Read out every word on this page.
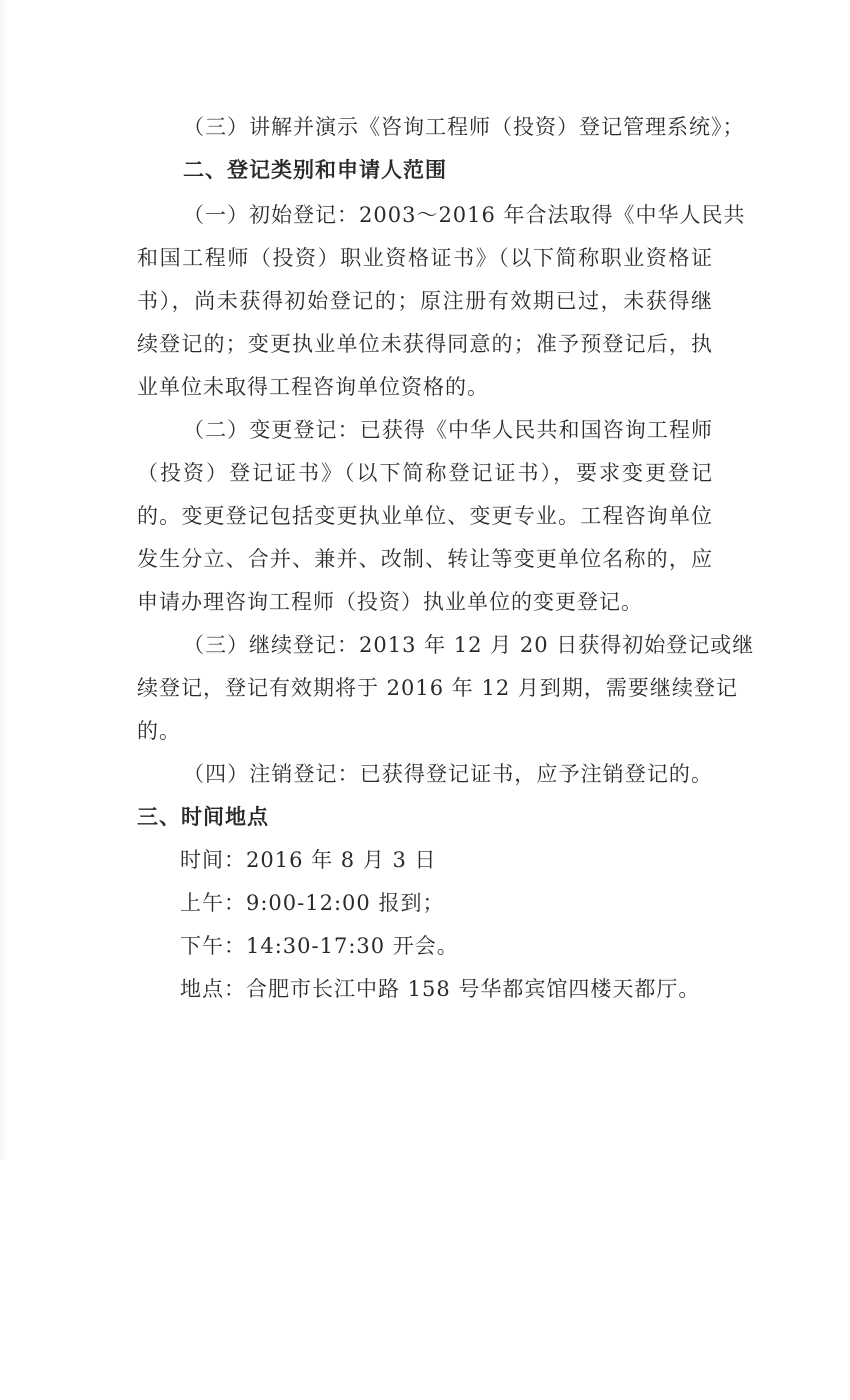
（三）讲解并演示《咨询工程师（投资）登记管理系统》；
二、登记类别和申请人范围
（一）初始登记：2003～2016 年合法取得《中华人民共
和国工程师（投资）职业资格证书》（以下简称职业资格证
书），尚未获得初始登记的；原注册有效期已过，未获得继
续登记的；变更执业单位未获得同意的；准予预登记后，执
业单位未取得工程咨询单位资格的。
（二）变更登记：已获得《中华人民共和国咨询工程师
（投资）登记证书》（以下简称登记证书），要求变更登记
的。变更登记包括变更执业单位、变更专业。工程咨询单位
发生分立、合并、兼并、改制、转让等变更单位名称的，应
申请办理咨询工程师（投资）执业单位的变更登记。
（三）继续登记：2013 年 12 月 20 日获得初始登记或继
续登记，登记有效期将于 2016 年 12 月到期，需要继续登记
的。
（四）注销登记：已获得登记证书，应予注销登记的。
三、时间地点
时间：2016 年 8 月 3 日
上午：9:00-12:00 报到；
下午：14:30-17:30 开会。
地点：合肥市长江中路 158 号华都宾馆四楼天都厅。
